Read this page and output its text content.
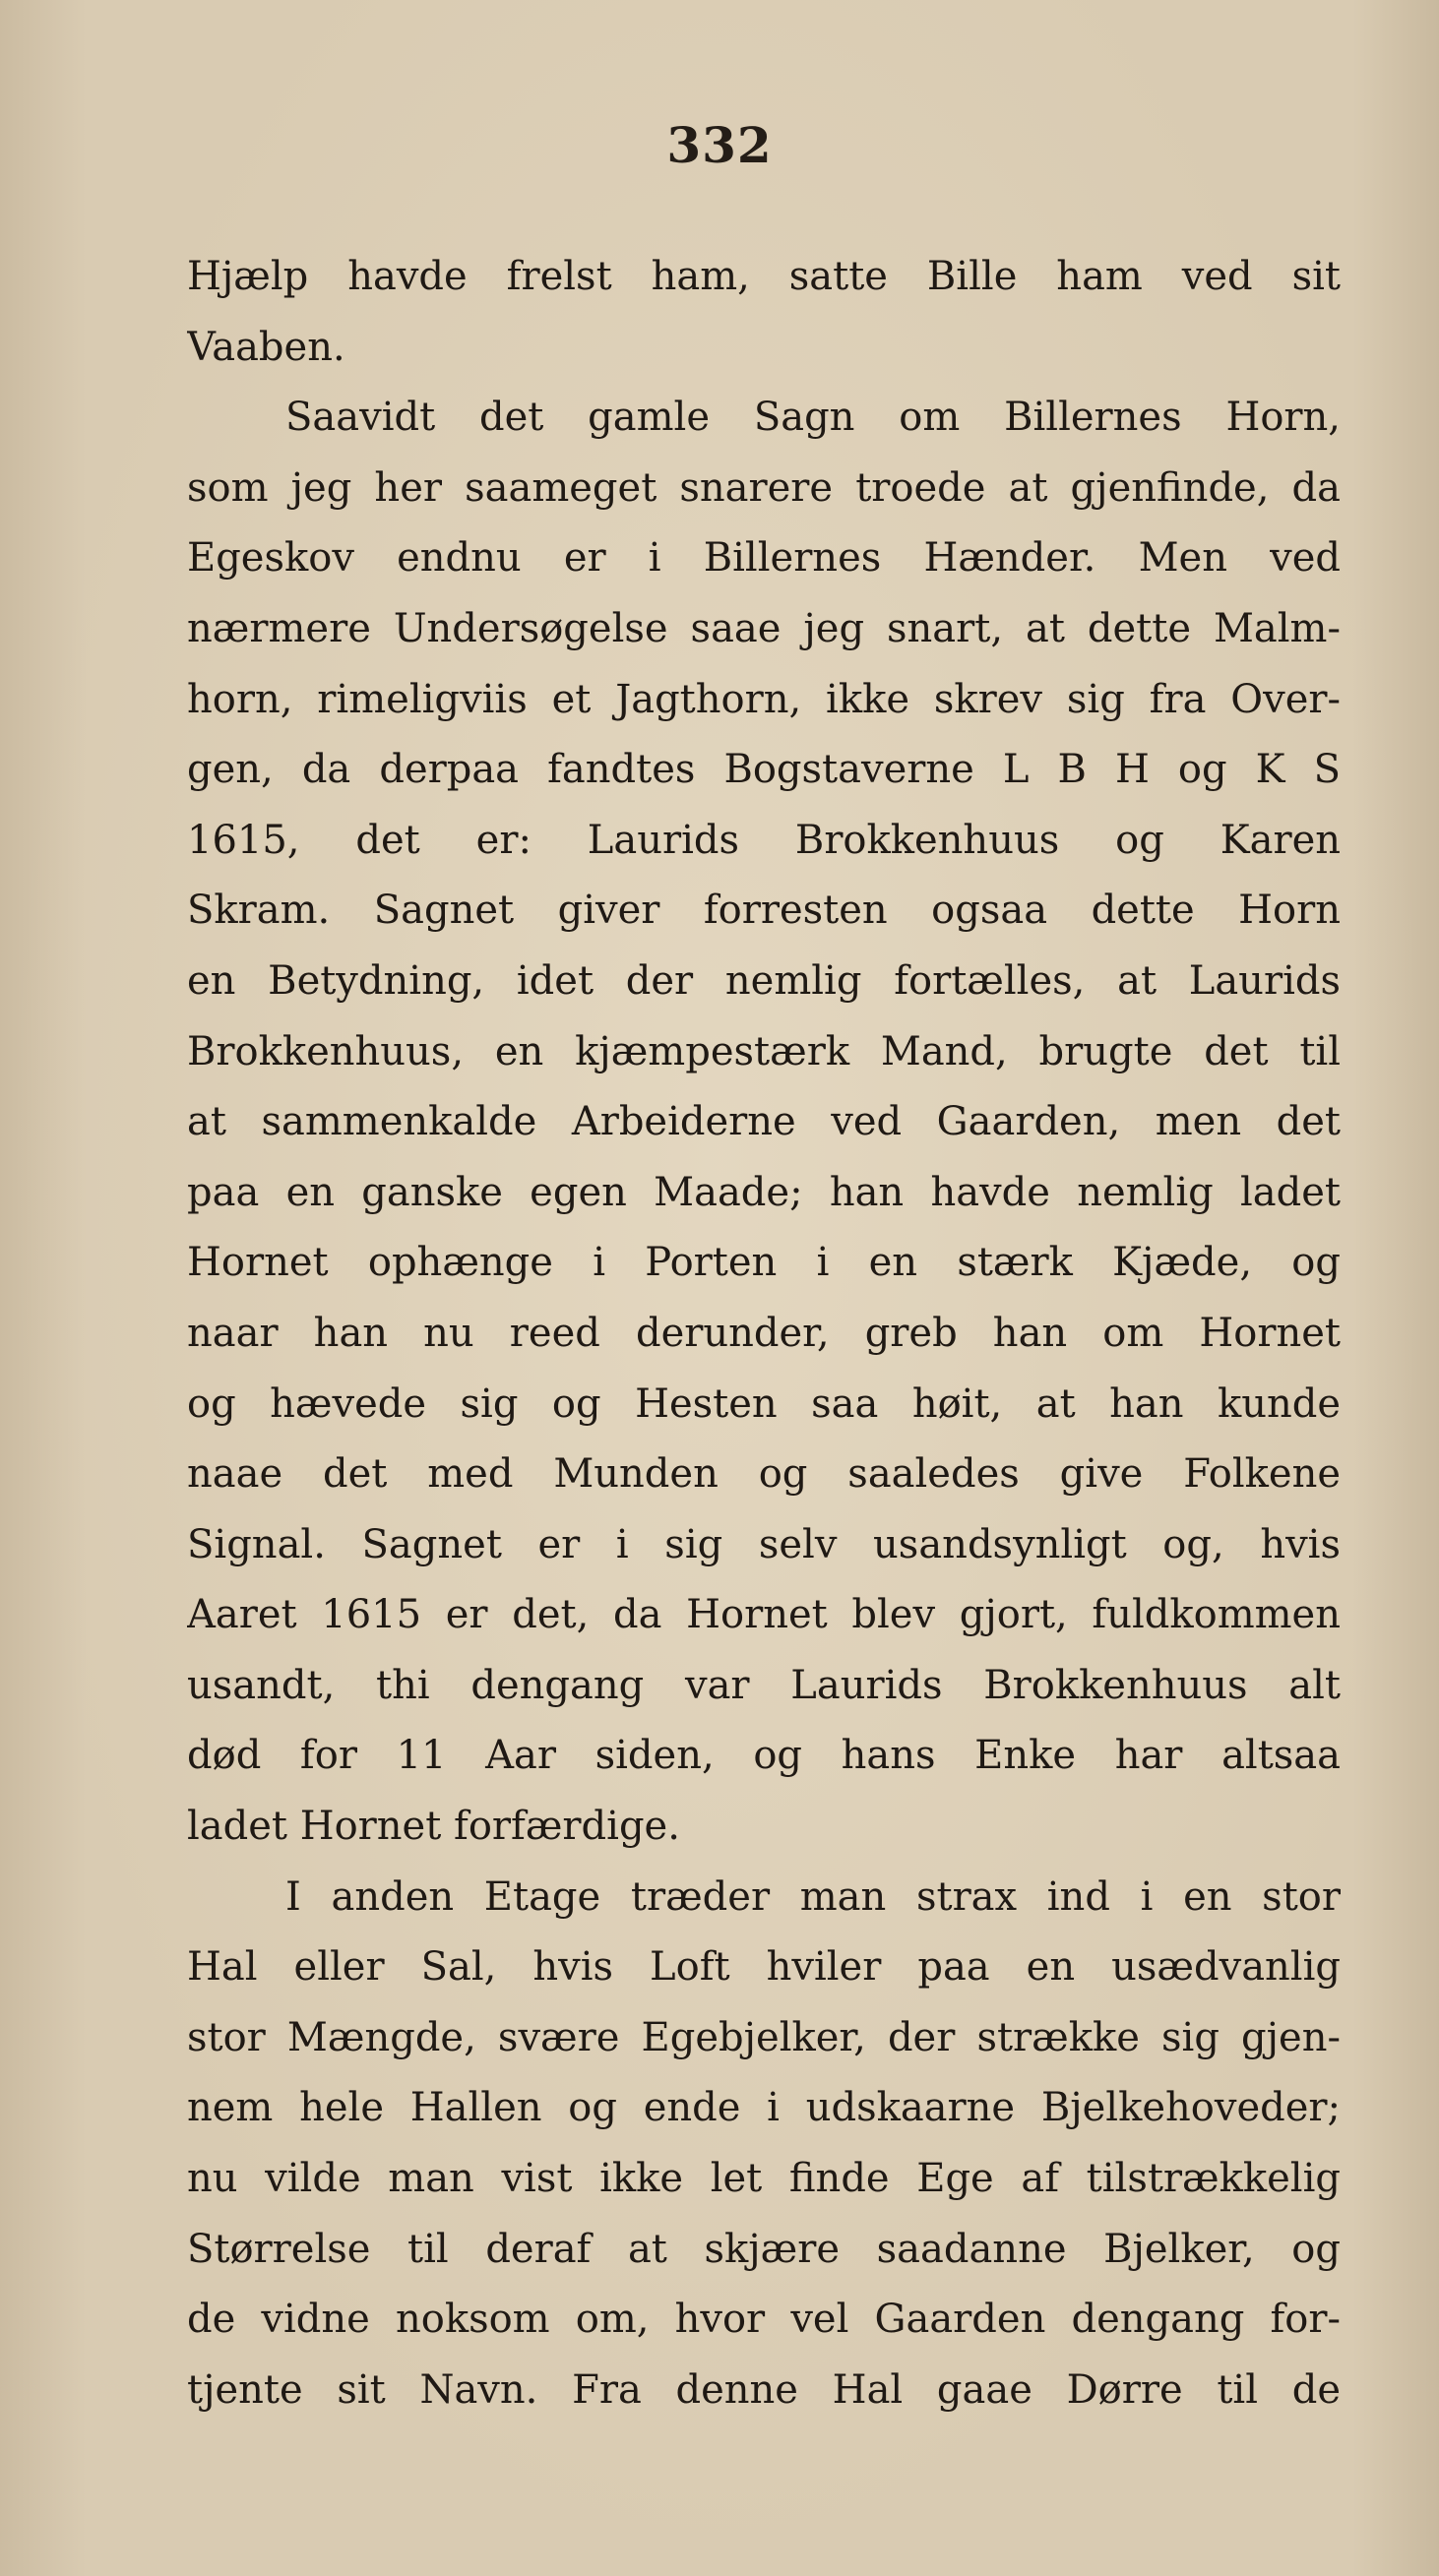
332
Hjælp havde frelst ham, satte Bille ham ved sit
Vaaben.
Saavidt det gamle Sagn om Billernes Horn,
som jeg her saameget snarere troede at gjenfinde, da
Egeskov endnu er i Billernes Hænder. Men ved
nærmere Undersøgelse saae jeg snart, at dette Malm-
horn, rimeligviis et Jagthorn, ikke skrev sig fra Over-
gen, da derpaa fandtes Bogstaverne L B H og K S
1615, det er: Laurids Brokkenhuus og Karen
Skram. Sagnet giver forresten ogsaa dette Horn
en Betydning, idet der nemlig fortælles, at Laurids
Brokkenhuus, en kjæmpestærk Mand, brugte det til
at sammenkalde Arbeiderne ved Gaarden, men det
paa en ganske egen Maade; han havde nemlig ladet
Hornet ophænge i Porten i en stærk Kjæde, og
naar han nu reed derunder, greb han om Hornet
og hævede sig og Hesten saa høit, at han kunde
naae det med Munden og saaledes give Folkene
Signal. Sagnet er i sig selv usandsynligt og, hvis
Aaret 1615 er det, da Hornet blev gjort, fuldkommen
usandt, thi dengang var Laurids Brokkenhuus alt
død for 11 Aar siden, og hans Enke har altsaa
ladet Hornet forfærdige.
I anden Etage træder man strax ind i en stor
Hal eller Sal, hvis Loft hviler paa en usædvanlig
stor Mængde, svære Egebjelker, der strække sig gjen-
nem hele Hallen og ende i udskaarne Bjelkehoveder;
nu vilde man vist ikke let finde Ege af tilstrækkelig
Størrelse til deraf at skjære saadanne Bjelker, og
de vidne noksom om, hvor vel Gaarden dengang for-
tjente sit Navn. Fra denne Hal gaae Dørre til de
